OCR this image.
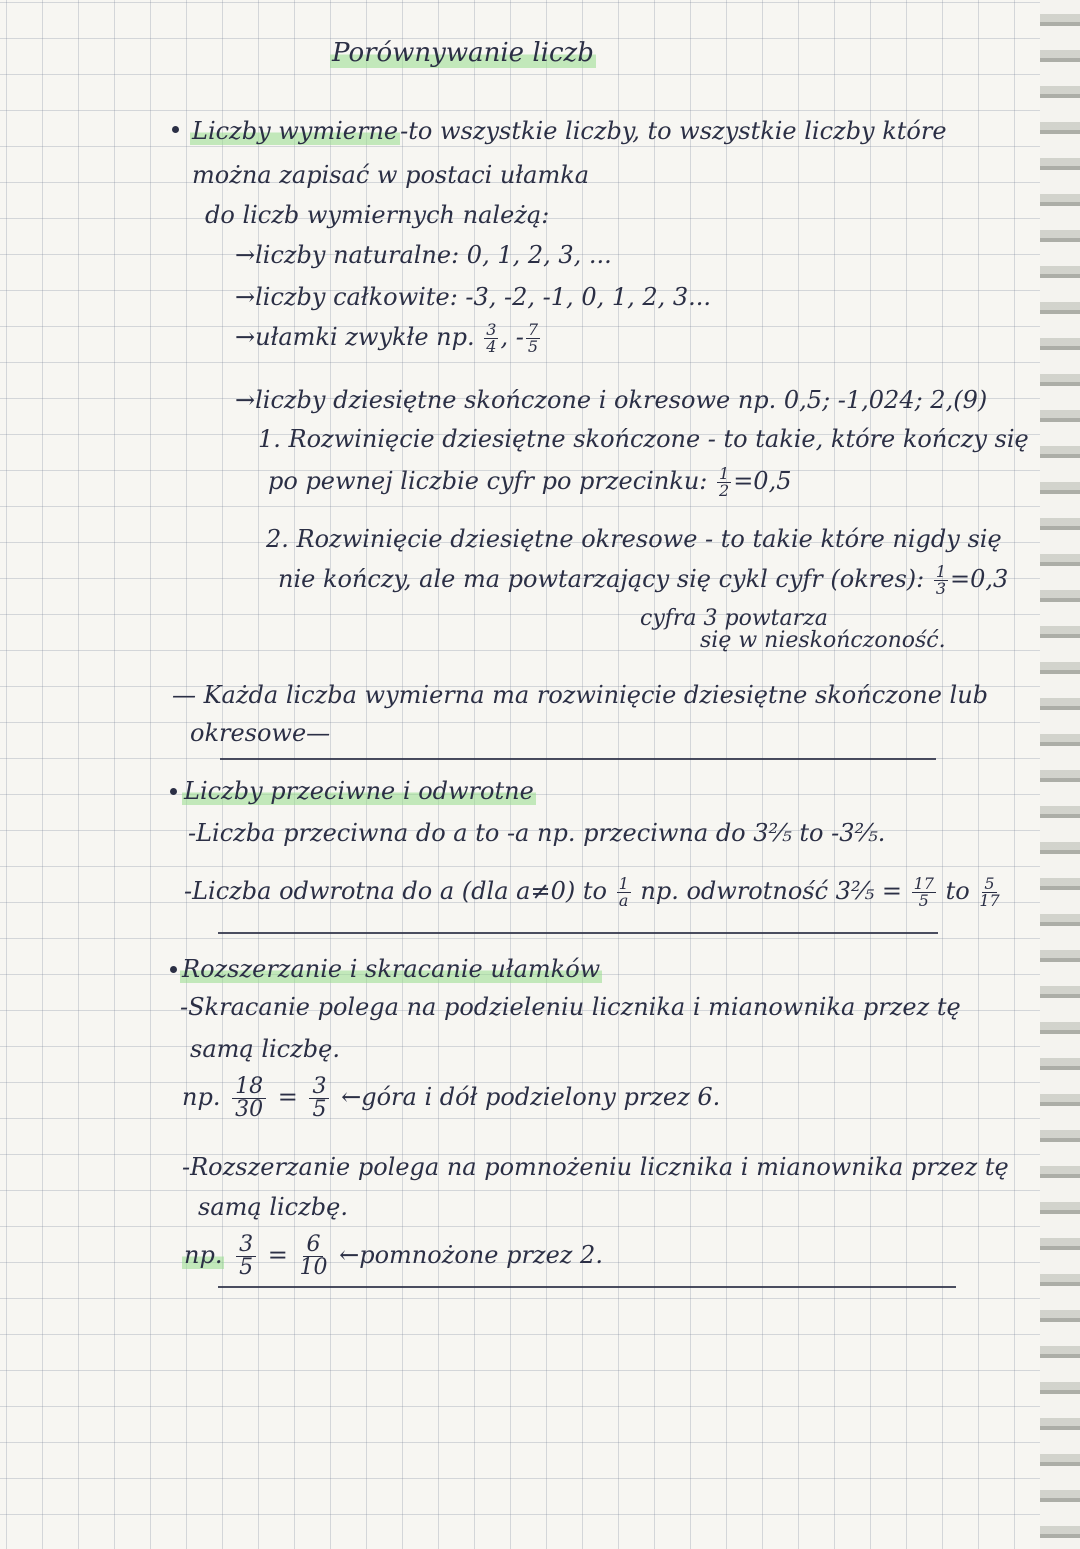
Porównywanie liczb
Liczby wymierne-to wszystkie liczby, to wszystkie liczby które
można zapisać w postaci ułamka
do liczb wymiernych należą:
→liczby naturalne: 0, 1, 2, 3, ...
→liczby całkowite: -3, -2, -1, 0, 1, 2, 3...
→ułamki zwykłe np. $\frac{3}{4}$ , - $\frac{7}{5}$
→liczby dziesiętne skończone i okresowe np. 0,5; -1,024; 2,(9)
1. Rozwinięcie dziesiętne skończone - to takie, które kończy się
po pewnej liczbie cyfr po przecinku: $\frac{1}{2} =0,5$
2. Rozwinięcie dziesiętne okresowe - to takie które nigdy się
nie kończy, ale ma powtarzający się cykl cyfr (okres): $\frac{1}{3} =0,3$
cyfra 3 powtarza
się w nieskończoność.
— Każda liczba wymierna ma rozwinięcie dziesiętne skończone lub
okresowe—
Liczby przeciwne i odwrotne
-Liczba przeciwna do a to -a np. przeciwna do 3⅖ to -3⅖.
-Liczba odwrotna do a (dla a≠0) to $\frac{1}{a}$ np. odwrotność 3⅖ = $\frac{17}{5}$ to $\frac{5}{17}$
Rozszerzanie i skracanie ułamków
-Skracanie polega na podzieleniu licznika i mianownika przez tę
samą liczbę.
np. $\frac{18}{30} = \frac{3}{5}$ ←góra i dół podzielony przez 6.
-Rozszerzanie polega na pomnożeniu licznika i mianownika przez tę
samą liczbę.
np. $\frac{3}{5} = \frac{6}{10}$ ←pomnożone przez 2.
